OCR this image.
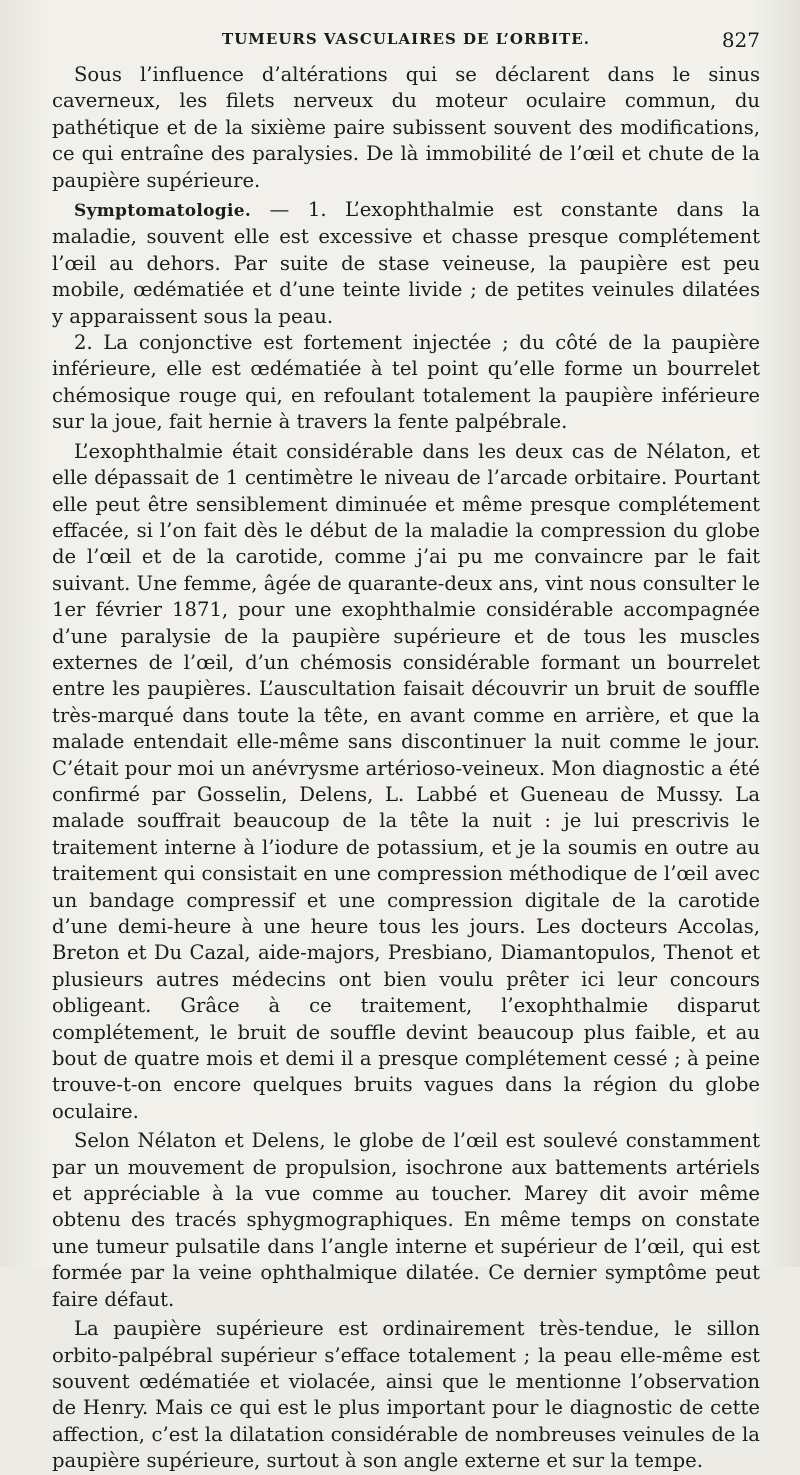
TUMEURS VASCULAIRES DE L’ORBITE.	827

Sous l’influence d’altérations qui se déclarent dans le sinus caverneux, les filets nerveux du moteur oculaire commun, du pathétique et de la sixième paire subissent souvent des modifications, ce qui entraîne des paralysies. De là immobilité de l’œil et chute de la paupière supérieure.

Symptomatologie. — 1. L’exophthalmie est constante dans la maladie, souvent elle est excessive et chasse presque complétement l’œil au dehors. Par suite de stase veineuse, la paupière est peu mobile, œdématiée et d’une teinte livide ; de petites veinules dilatées y apparaissent sous la peau.

2. La conjonctive est fortement injectée ; du côté de la paupière inférieure, elle est œdématiée à tel point qu’elle forme un bourrelet chémosique rouge qui, en refoulant totalement la paupière inférieure sur la joue, fait hernie à travers la fente palpébrale.

L’exophthalmie était considérable dans les deux cas de Nélaton, et elle dépassait de 1 centimètre le niveau de l’arcade orbitaire. Pourtant elle peut être sensiblement diminuée et même presque complétement effacée, si l’on fait dès le début de la maladie la compression du globe de l’œil et de la carotide, comme j’ai pu me convaincre par le fait suivant. Une femme, âgée de quarante-deux ans, vint nous consulter le 1er février 1871, pour une exophthalmie considérable accompagnée d’une paralysie de la paupière supérieure et de tous les muscles externes de l’œil, d’un chémosis considérable formant un bourrelet entre les paupières. L’auscultation faisait découvrir un bruit de souffle très-marqué dans toute la tête, en avant comme en arrière, et que la malade entendait elle-même sans discontinuer la nuit comme le jour. C’était pour moi un anévrysme artérioso-veineux. Mon diagnostic a été confirmé par Gosselin, Delens, L. Labbé et Gueneau de Mussy. La malade souffrait beaucoup de la tête la nuit : je lui prescrivis le traitement interne à l’iodure de potassium, et je la soumis en outre au traitement qui consistait en une compression méthodique de l’œil avec un bandage compressif et une compression digitale de la carotide d’une demi-heure à une heure tous les jours. Les docteurs Accolas, Breton et Du Cazal, aide-majors, Presbiano, Diamantopulos, Thenot et plusieurs autres médecins ont bien voulu prêter ici leur concours obligeant. Grâce à ce traitement, l’exophthalmie disparut complétement, le bruit de souffle devint beaucoup plus faible, et au bout de quatre mois et demi il a presque complétement cessé ; à peine trouve-t-on encore quelques bruits vagues dans la région du globe oculaire.

Selon Nélaton et Delens, le globe de l’œil est soulevé constamment par un mouvement de propulsion, isochrone aux battements artériels et appréciable à la vue comme au toucher. Marey dit avoir même obtenu des tracés sphygmographiques. En même temps on constate une tumeur pulsatile dans l’angle interne et supérieur de l’œil, qui est formée par la veine ophthalmique dilatée. Ce dernier symptôme peut faire défaut.

La paupière supérieure est ordinairement très-tendue, le sillon orbito-palpébral supérieur s’efface totalement ; la peau elle-même est souvent œdématiée et violacée, ainsi que le mentionne l’observation de Henry. Mais ce qui est le plus important pour le diagnostic de cette affection, c’est la dilatation considérable de nombreuses veinules de la paupière supérieure, surtout à son angle externe et sur la tempe.
